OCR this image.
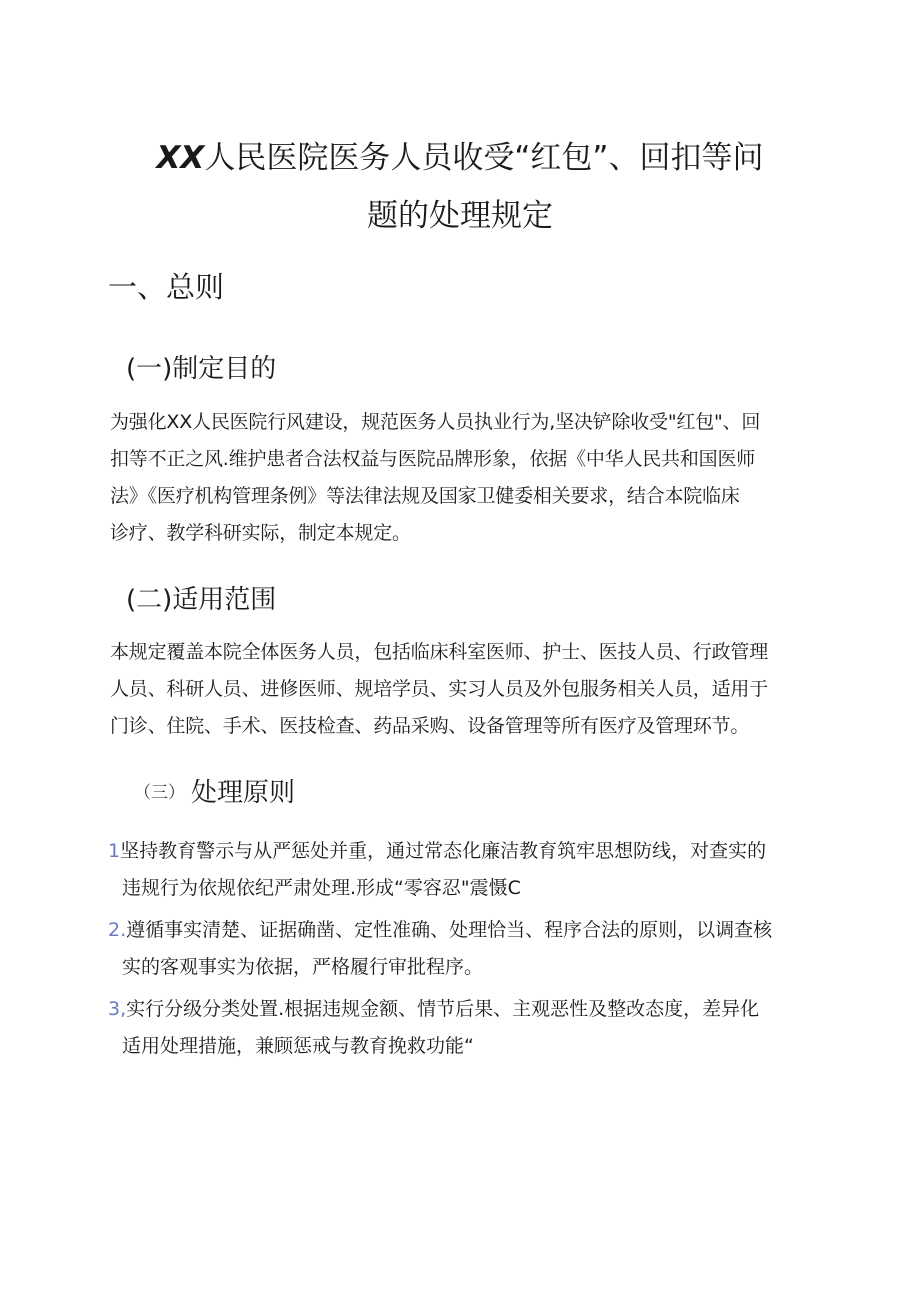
XX人民医院医务人员收受“红包”、回扣等问
题的处理规定
一、总则
(一)制定目的

为强化XX人民医院行风建设，规范医务人员执业行为,坚决铲除收受"红包"、回
扣等不正之风.维护患者合法权益与医院品牌形象，依据《中华人民共和国医师
法》《医疗机构管理条例》等法律法规及国家卫健委相关要求，结合本院临床
诊疗、教学科研实际，制定本规定。

(二)适用范围

本规定覆盖本院全体医务人员，包括临床科室医师、护士、医技人员、行政管理
人员、科研人员、进修医师、规培学员、实习人员及外包服务相关人员，适用于
门诊、住院、手术、医技检查、药品采购、设备管理等所有医疗及管理环节。

（三） 处理原则
1坚持教育警示与从严惩处并重，通过常态化廉洁教育筑牢思想防线，对查实的
违规行为依规依纪严肃处理.形成“零容忍"震慑C
2.遵循事实清楚、证据确凿、定性准确、处理恰当、程序合法的原则，以调查核
实的客观事实为依据，严格履行审批程序。
3,实行分级分类处置.根据违规金额、情节后果、主观恶性及整改态度，差异化
适用处理措施，兼顾惩戒与教育挽救功能“
